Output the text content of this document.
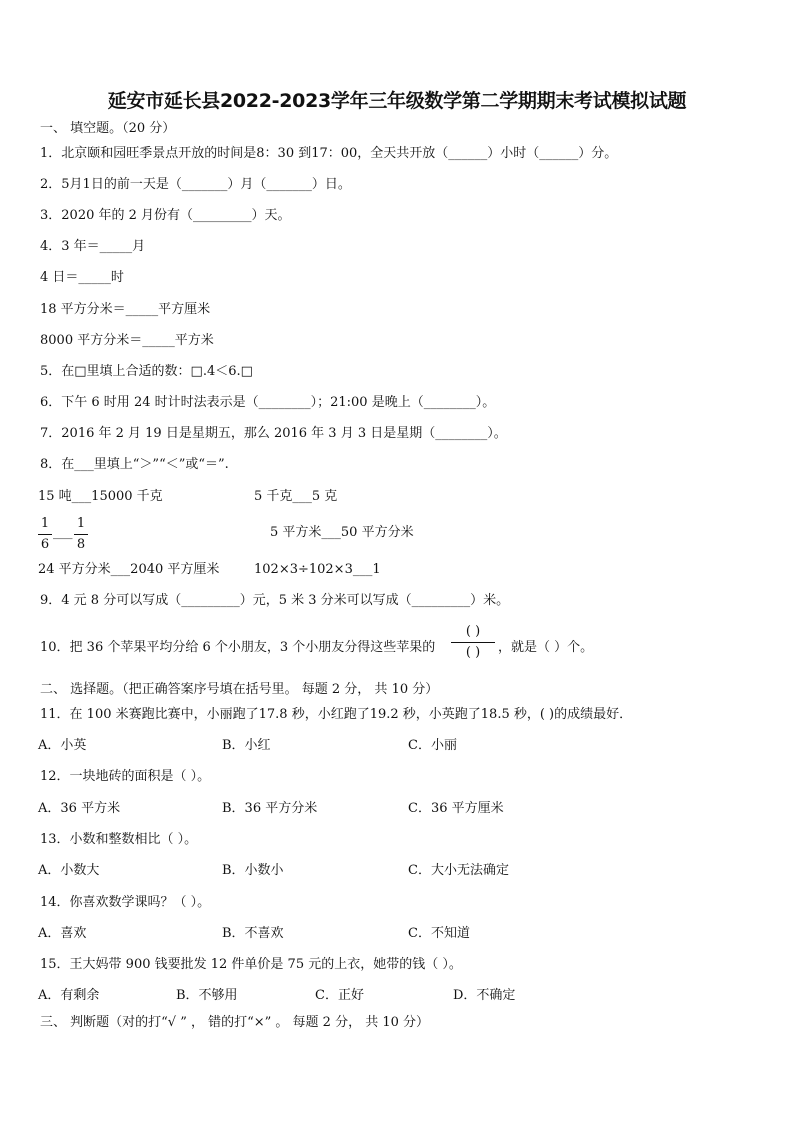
延安市延长县2022-2023学年三年级数学第二学期期末考试模拟试题
一、 填空题。（20 分）
1．北京颐和园旺季景点开放的时间是8：30 到17：00，全天共开放（______）小时（______）分。
2．5月1日的前一天是（_______）月（_______）日。
3．2020 年的 2 月份有（_________）天。
4．3 年＝_____月
4 日＝_____时
18 平方分米＝_____平方厘米
8000 平方分米＝_____平方米
5．在□里填上合适的数：□.4＜6.□
6．下午 6 时用 24 时计时法表示是（________）；21:00 是晚上（________）。
7．2016 年 2 月 19 日是星期五，那么 2016 年 3 月 3 日是星期（________）。
8．在___里填上“＞”“＜”或“＝”.
15 吨___15000 千克	5 千克___5 克
1
6
___
1
8
5 平方米___50 平方分米
24 平方分米___2040 平方厘米	102×3÷102×3___1
9．4 元 8 分可以写成（_________）元，5 米 3 分米可以写成（_________）米。
10．把 36 个苹果平均分给 6 个小朋友，3 个小朋友分得这些苹果的
( )
( )	，就是（ ）个。
二、 选择题。（把正确答案序号填在括号里。 每题 2 分， 共 10 分）
11．在 100 米赛跑比赛中，小丽跑了17.8 秒，小红跑了19.2 秒，小英跑了18.5 秒，( )的成绩最好．
A．小英	B．小红	C．小丽
12．一块地砖的面积是（ ）。
A．36 平方米	B．36 平方分米	C．36 平方厘米
13．小数和整数相比（ ）。
A．小数大	B．小数小	C．大小无法确定
14．你喜欢数学课吗？（ ）。
A．喜欢	B．不喜欢	C．不知道
15．王大妈带 900 钱要批发 12 件单价是 75 元的上衣，她带的钱（ ）。
A．有剩余	B．不够用	C．正好	D．不确定
三、 判断题（对的打“√ ” ， 错的打“×” 。 每题 2 分， 共 10 分）
